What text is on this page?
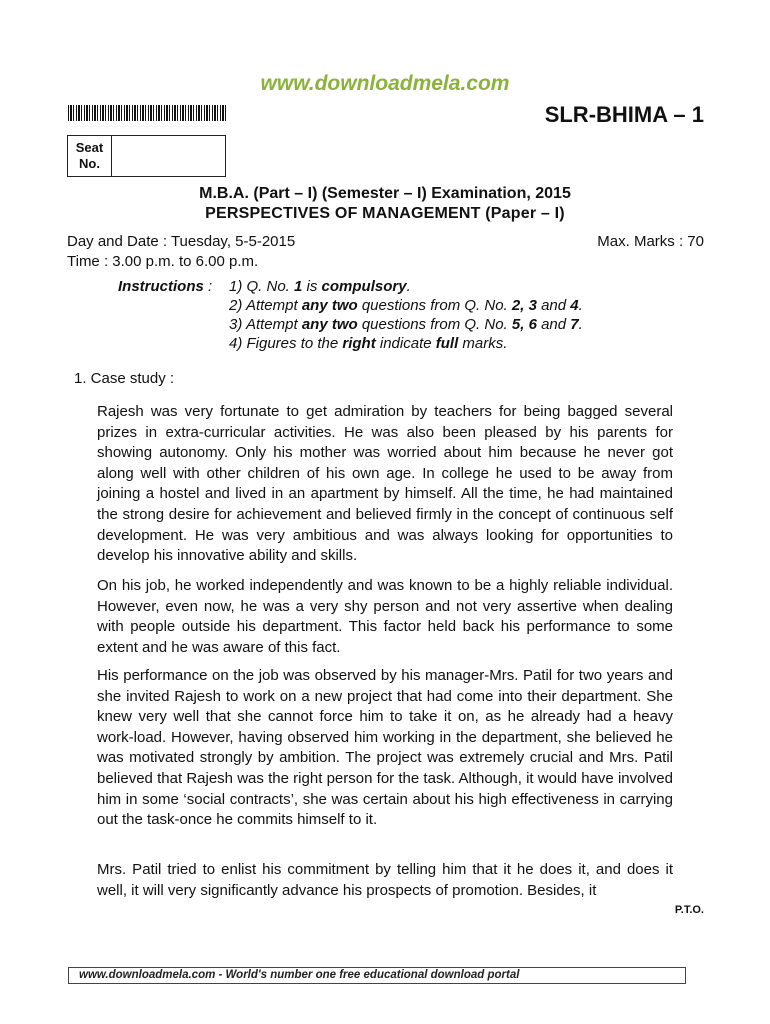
www.downloadmela.com
SLR-BHIMA – 1
Seat
No.
M.B.A. (Part – I) (Semester – I) Examination, 2015
PERSPECTIVES OF MANAGEMENT (Paper – I)
Day and Date : Tuesday, 5-5-2015
Time : 3.00 p.m. to 6.00 p.m.
Max. Marks : 70
Instructions : 1) Q. No. 1 is compulsory.
2) Attempt any two questions from Q. No. 2, 3 and 4.
3) Attempt any two questions from Q. No. 5, 6 and 7.
4) Figures to the right indicate full marks.
1. Case study :
Rajesh was very fortunate to get admiration by teachers for being bagged several prizes in extra-curricular activities. He was also been pleased by his parents for showing autonomy. Only his mother was worried about him because he never got along well with other children of his own age. In college he used to be away from joining a hostel and lived in an apartment by himself. All the time, he had maintained the strong desire for achievement and believed firmly in the concept of continuous self development. He was very ambitious and was always looking for opportunities to develop his innovative ability and skills.
On his job, he worked independently and was known to be a highly reliable individual. However, even now, he was a very shy person and not very assertive when dealing with people outside his department. This factor held back his performance to some extent and he was aware of this fact.
His performance on the job was observed by his manager-Mrs. Patil for two years and she invited Rajesh to work on a new project that had come into their department. She knew very well that she cannot force him to take it on, as he already had a heavy work-load. However, having observed him working in the department, she believed he was motivated strongly by ambition. The project was extremely crucial and Mrs. Patil believed that Rajesh was the right person for the task. Although, it would have involved him in some ‘social contracts’, she was certain about his high effectiveness in carrying out the task-once he commits himself to it.
Mrs. Patil tried to enlist his commitment by telling him that it he does it, and does it well, it will very significantly advance his prospects of promotion. Besides, it
P.T.O.
www.downloadmela.com - World's number one free educational download portal
